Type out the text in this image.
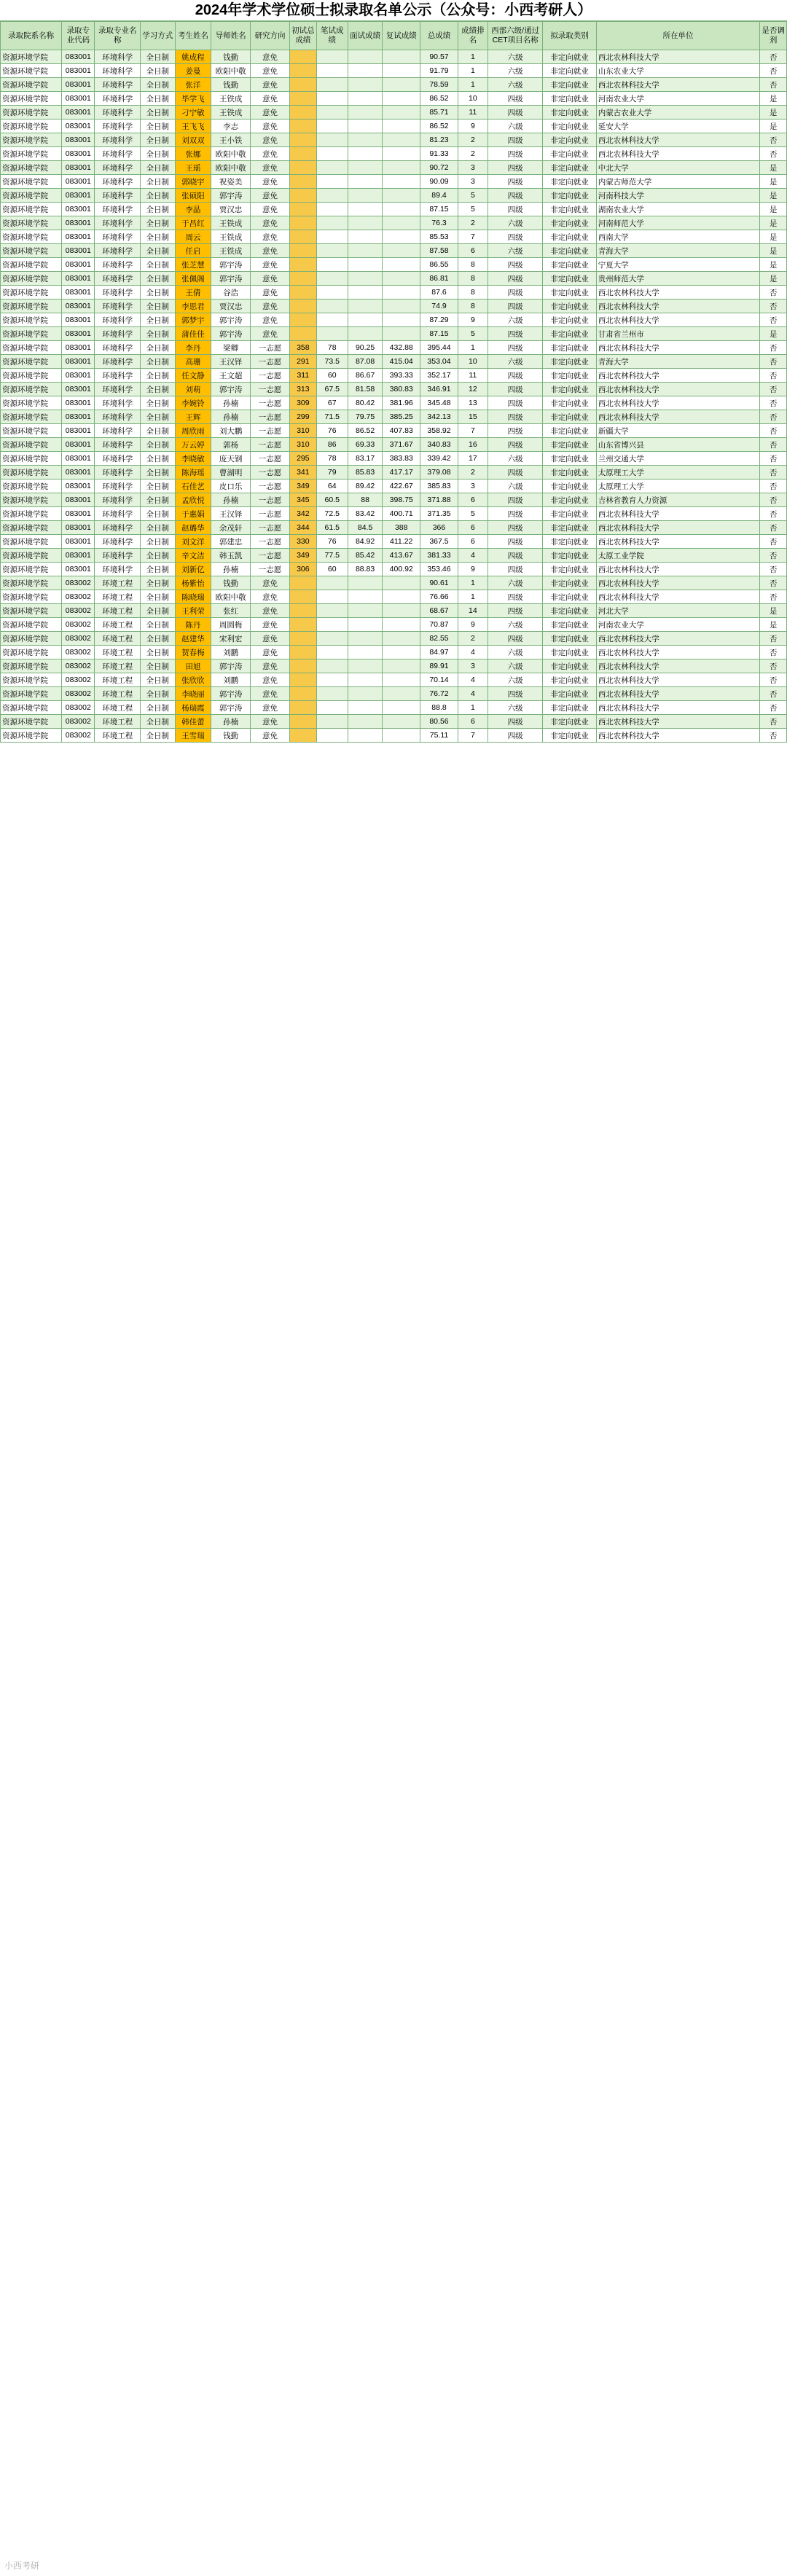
2024年学术学位硕士拟录取名单公示（公众号：小西考研人）
录取院系名称	录取专业代码	录取专业名称	学习方式	考生姓名	导师姓名	研究方向	初试总成绩	笔试成绩	面试成绩	复试成绩	总成绩	成绩排名	西部六级/通过CET项目名称	拟录取类别	所在单位	是否调剂
资源环境学院	083001	环境科学	全日制	姚成程	钱勤	意免					90.57	1	六级	非定向就业	西北农林科技大学	否
资源环境学院	083001	环境科学	全日制	姜曼	欧阳中敬	意免					91.79	1	六级	非定向就业	山东农业大学	否
资源环境学院	083001	环境科学	全日制	张洋	钱勤	意免					78.59	1	六级	非定向就业	西北农林科技大学	否
资源环境学院	083001	环境科学	全日制	毕学飞	王铁成	意免					86.52	10	四级	非定向就业	河南农业大学	是
资源环境学院	083001	环境科学	全日制	刁宁敏	王铁成	意免					85.71	11	四级	非定向就业	内蒙古农业大学	是
资源环境学院	083001	环境科学	全日制	王飞飞	李志	意免					86.52	9	六级	非定向就业	延安大学	是
资源环境学院	083001	环境科学	全日制	刘双双	王小铁	意免					81.23	2	四级	非定向就业	西北农林科技大学	否
资源环境学院	083001	环境科学	全日制	张娜	欧阳中敬	意免					91.33	2	四级	非定向就业	西北农林科技大学	否
资源环境学院	083001	环境科学	全日制	王瑶	欧阳中敬	意免					90.72	3	四级	非定向就业	中北大学	是
资源环境学院	083001	环境科学	全日制	郭晓宇	祝姿美	意免					90.09	3	四级	非定向就业	内蒙古师范大学	是
资源环境学院	083001	环境科学	全日制	张硕阳	郭宇涛	意免					89.4	5	四级	非定向就业	河南科技大学	是
资源环境学院	083001	环境科学	全日制	李晶	贾汉忠	意免					87.15	5	四级	非定向就业	湖南农业大学	是
资源环境学院	083001	环境科学	全日制	于昌红	王铁成	意免					76.3	2	六级	非定向就业	河南师范大学	是
资源环境学院	083001	环境科学	全日制	周云	王铁成	意免					85.53	7	四级	非定向就业	西南大学	是
资源环境学院	083001	环境科学	全日制	任启	王铁成	意免					87.58	6	六级	非定向就业	青海大学	是
资源环境学院	083001	环境科学	全日制	张芝慧	郭宇涛	意免					86.55	8	四级	非定向就业	宁夏大学	是
资源环境学院	083001	环境科学	全日制	张佩阁	郭宇涛	意免					86.81	8	四级	非定向就业	贵州师范大学	是
资源环境学院	083001	环境科学	全日制	王倩	谷浩	意免					87.6	8	四级	非定向就业	西北农林科技大学	否
资源环境学院	083001	环境科学	全日制	李思君	贾汉忠	意免					74.9	8	四级	非定向就业	西北农林科技大学	否
资源环境学院	083001	环境科学	全日制	郭梦宇	郭宇涛	意免					87.29	9	六级	非定向就业	西北农林科技大学	否
资源环境学院	083001	环境科学	全日制	蒲佳佳	郭宇涛	意免					87.15	5	四级	非定向就业	甘肃省兰州市	是
资源环境学院	083001	环境科学	全日制	李丹	梁卿	一志愿	358	78	90.25	432.88	395.44	1	四级	非定向就业	西北农林科技大学	否
资源环境学院	083001	环境科学	全日制	高珊	王汉铎	一志愿	291	73.5	87.08	415.04	353.04	10	六级	非定向就业	青海大学	否
资源环境学院	083001	环境科学	全日制	任文静	王文超	一志愿	311	60	86.67	393.33	352.17	11	四级	非定向就业	西北农林科技大学	否
资源环境学院	083001	环境科学	全日制	刘萌	郭宇涛	一志愿	313	67.5	81.58	380.83	346.91	12	四级	非定向就业	西北农林科技大学	否
资源环境学院	083001	环境科学	全日制	李婉铃	孙楠	一志愿	309	67	80.42	381.96	345.48	13	四级	非定向就业	西北农林科技大学	否
资源环境学院	083001	环境科学	全日制	王辉	孙楠	一志愿	299	71.5	79.75	385.25	342.13	15	四级	非定向就业	西北农林科技大学	否
资源环境学院	083001	环境科学	全日制	周欣雨	刘大鹏	一志愿	310	76	86.52	407.83	358.92	7	四级	非定向就业	新疆大学	否
资源环境学院	083001	环境科学	全日制	万云婷	郭杨	一志愿	310	86	69.33	371.67	340.83	16	四级	非定向就业	山东省博兴县	否
资源环境学院	083001	环境科学	全日制	李晓敏	庞天钢	一志愿	295	78	83.17	383.83	339.42	17	六级	非定向就业	兰州交通大学	否
资源环境学院	083001	环境科学	全日制	陈海瑶	曹湖明	一志愿	341	79	85.83	417.17	379.08	2	四级	非定向就业	太原理工大学	否
资源环境学院	083001	环境科学	全日制	石佳艺	皮口乐	一志愿	349	64	89.42	422.67	385.83	3	六级	非定向就业	太原理工大学	否
资源环境学院	083001	环境科学	全日制	孟欣悦	孙楠	一志愿	345	60.5	88	398.75	371.88	6	四级	非定向就业	吉林省教育人力资源	否
资源环境学院	083001	环境科学	全日制	于惠娟	王汉铎	一志愿	342	72.5	83.42	400.71	371.35	5	四级	非定向就业	西北农林科技大学	否
资源环境学院	083001	环境科学	全日制	赵璐华	余茂轩	一志愿	344	61.5	84.5	388	366	6	四级	非定向就业	西北农林科技大学	否
资源环境学院	083001	环境科学	全日制	刘文洋	郭建忠	一志愿	330	76	84.92	411.22	367.5	6	四级	非定向就业	西北农林科技大学	否
资源环境学院	083001	环境科学	全日制	辛文洁	韩玉凯	一志愿	349	77.5	85.42	413.67	381.33	4	四级	非定向就业	太原工业学院	否
资源环境学院	083001	环境科学	全日制	刘新亿	孙楠	一志愿	306	60	88.83	400.92	353.46	9	四级	非定向就业	西北农林科技大学	否
资源环境学院	083002	环境工程	全日制	杨紫怡	钱勤	意免					90.61	1	六级	非定向就业	西北农林科技大学	否
资源环境学院	083002	环境工程	全日制	陈晓瑞	欧阳中敬	意免					76.66	1	四级	非定向就业	西北农林科技大学	否
资源环境学院	083002	环境工程	全日制	王利荣	张红	意免					68.67	14	四级	非定向就业	河北大学	是
资源环境学院	083002	环境工程	全日制	陈丹	周圆梅	意免					70.87	9	六级	非定向就业	河南农业大学	是
资源环境学院	083002	环境工程	全日制	赵建华	宋利宏	意免					82.55	2	四级	非定向就业	西北农林科技大学	否
资源环境学院	083002	环境工程	全日制	贺春梅	刘鹏	意免					84.97	4	六级	非定向就业	西北农林科技大学	否
资源环境学院	083002	环境工程	全日制	田旭	郭宇涛	意免					89.91	3	六级	非定向就业	西北农林科技大学	否
资源环境学院	083002	环境工程	全日制	张欣欣	刘鹏	意免					70.14	4	六级	非定向就业	西北农林科技大学	否
资源环境学院	083002	环境工程	全日制	李晓丽	郭宇涛	意免					76.72	4	四级	非定向就业	西北农林科技大学	否
资源环境学院	083002	环境工程	全日制	杨瑞霞	郭宇涛	意免					88.8	1	六级	非定向就业	西北农林科技大学	否
资源环境学院	083002	环境工程	全日制	韩佳蕾	孙楠	意免					80.56	6	四级	非定向就业	西北农林科技大学	否
资源环境学院	083002	环境工程	全日制	王雪瑞	钱勤	意免					75.11	7	四级	非定向就业	西北农林科技大学	否
小西考研
